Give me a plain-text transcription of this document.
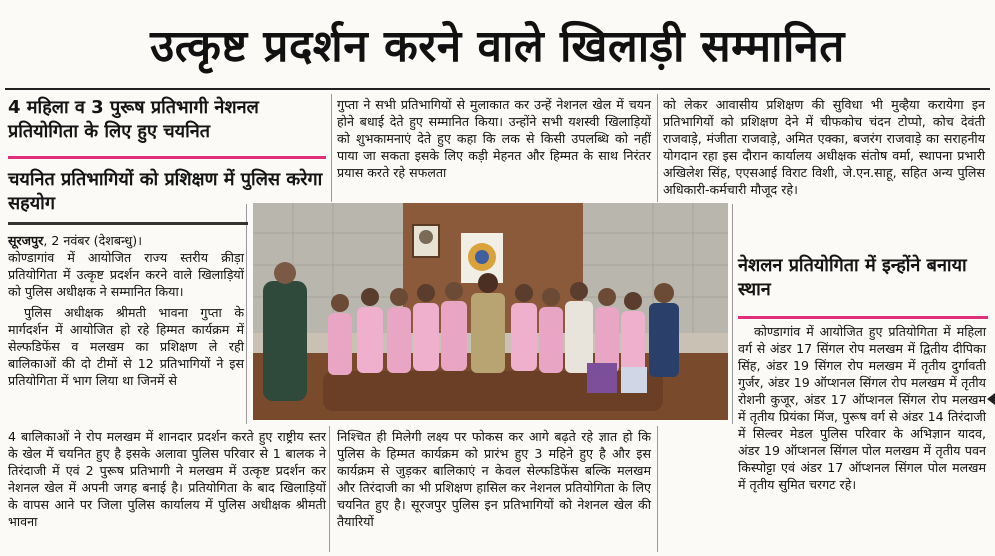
उत्कृष्ट प्रदर्शन करने वाले खिलाड़ी सम्मानित
4 महिला व 3 पुरूष प्रतिभागी नेशनल प्रतियोगिता के लिए हुए चयनित
चयनित प्रतिभागियों को प्रशिक्षण में पुलिस करेगा सहयोग

सूरजपुर, 2 नवंबर (देशबन्धु)।

कोण्डागांव में आयोजित राज्य स्तरीय क्रीड़ा प्रतियोगिता में उत्कृष्ट प्रदर्शन करने वाले खिलाड़ियों को पुलिस अधीक्षक ने सम्मानित किया।

पुलिस अधीक्षक श्रीमती भावना गुप्ता के मार्गदर्शन में आयोजित हो रहे हिम्मत कार्यक्रम में सेल्फडिफेंस व मलखम का प्रशिक्षण ले रही बालिकाओं की दो टीमों से 12 प्रतिभागियों ने इस प्रतियोगिता में भाग लिया था जिनमें से

गुप्ता ने सभी प्रतिभागियों से मुलाकात कर उन्हें नेशनल खेल में चयन होने बधाई देते हुए सम्मानित किया। उन्होंने सभी यशस्वी खिलाड़ियों को शुभकामनाएं देते हुए कहा कि लक से किसी उपलब्धि को नहीं पाया जा सकता इसके लिए कड़ी मेहनत और हिम्मत के साथ निरंतर प्रयास करते रहे सफलता

को लेकर आवासीय प्रशिक्षण की सुविधा भी मुव्हैया करायेगा इन प्रतिभागियों को प्रशिक्षण देने में चीफकोच चंदन टोप्पो, कोच देवंती राजवाड़े, मंजीता राजवाड़े, अमित एक्का, बजरंग राजवाड़े का सराहनीय योगदान रहा इस दौरान कार्यालय अधीक्षक संतोष वर्मा, स्थापना प्रभारी अखिलेश सिंह, एएसआई विराट विशी, जे.एन.साहू, सहित अन्य पुलिस अधिकारी-कर्मचारी मौजूद रहे।

नेशलन प्रतियोगिता में इन्होंने बनाया स्थान

कोण्डागांव में आयोजित हुए प्रतियोगिता में महिला वर्ग से अंडर 17 सिंगल रोप मलखम में द्वितीय दीपिका सिंह, अंडर 19 सिंगल रोप मलखम में तृतीय दुर्गावती गुर्जर, अंडर 19 ऑप्शनल सिंगल रोप मलखम में तृतीय रोशनी कुजूर, अंडर 17 ऑप्शनल सिंगल रोप मलखम में तृतीय प्रियंका मिंज, पुरूष वर्ग से अंडर 14 तिरंदाजी में सिल्वर मेडल पुलिस परिवार के अभिज्ञान यादव, अंडर 19 ऑप्शनल सिंगल पोल मलखम में तृतीय पवन किस्पोट्टा एवं अंडर 17 ऑप्शनल सिंगल पोल मलखम में तृतीय सुमित चरगट रहे।

4 बालिकाओं ने रोप मलखम में शानदार प्रदर्शन करते हुए राष्ट्रीय स्तर के खेल में चयनित हुए है इसके अलावा पुलिस परिवार से 1 बालक ने तिरंदाजी में एवं 2 पुरूष प्रतिभागी ने मलखम में उत्कृष्ट प्रदर्शन कर नेशनल खेल में अपनी जगह बनाई है। प्रतियोगिता के बाद खिलाड़ियों के वापस आने पर जिला पुलिस कार्यालय में पुलिस अधीक्षक श्रीमती भावना

निश्चित ही मिलेगी लक्ष्य पर फोकस कर आगे बढ़ते रहे ज्ञात हो कि पुलिस के हिम्मत कार्यक्रम को प्रारंभ हुए 3 महिने हुए है और इस कार्यक्रम से जुड़कर बालिकाएं न केवल सेल्फडिफेंस बल्कि मलखम और तिरंदाजी का भी प्रशिक्षण हासिल कर नेशनल प्रतियोगिता के लिए चयनित हुए है। सूरजपुर पुलिस इन प्रतिभागियों को नेशनल खेल की तैयारियों
